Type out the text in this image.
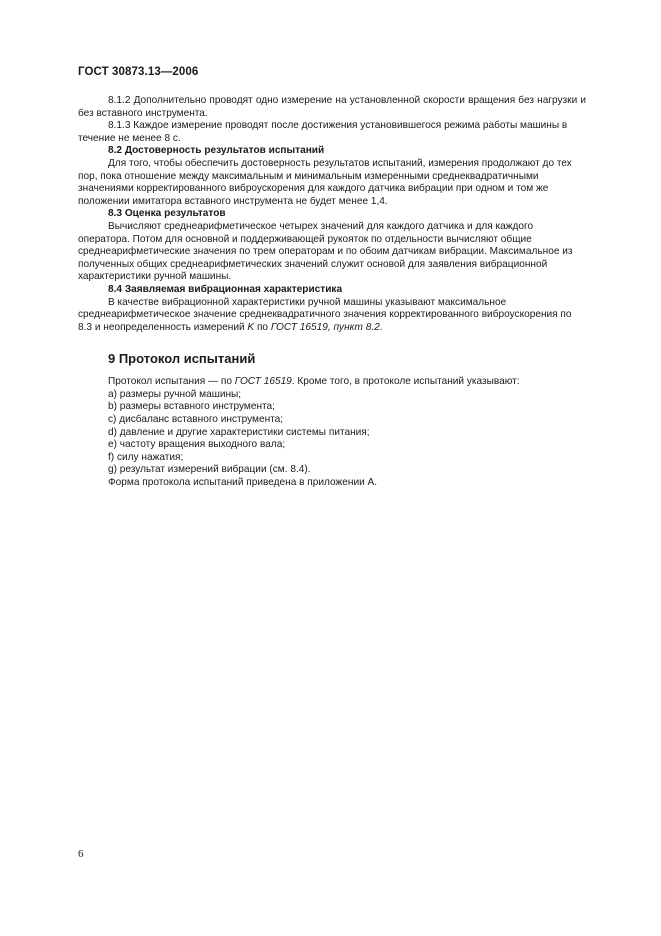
ГОСТ 30873.13—2006

8.1.2 Дополнительно проводят одно измерение на установленной скорости вращения без нагрузки и без вставного инструмента.

8.1.3 Каждое измерение проводят после достижения установившегося режима работы машины в течение не менее 8 с.

8.2 Достоверность результатов испытаний

Для того, чтобы обеспечить достоверность результатов испытаний, измерения продолжают до тех пор, пока отношение между максимальным и минимальным измеренными среднеквадратичными значениями корректированного виброускорения для каждого датчика вибрации при одном и том же положении имитатора вставного инструмента не будет менее 1,4.

8.3 Оценка результатов

Вычисляют среднеарифметическое четырех значений для каждого датчика и для каждого оператора. Потом для основной и поддерживающей рукояток по отдельности вычисляют общие среднеарифметические значения по трем операторам и по обоим датчикам вибрации. Максимальное из полученных общих среднеарифметических значений служит основой для заявления вибрационной характеристики ручной машины.

8.4 Заявляемая вибрационная характеристика

В качестве вибрационной характеристики ручной машины указывают максимальное среднеарифметическое значение среднеквадратичного значения корректированного виброускорения по 8.3 и неопределенность измерений K по ГОСТ 16519, пункт 8.2.

9 Протокол испытаний

Протокол испытания — по ГОСТ 16519. Кроме того, в протоколе испытаний указывают:

a) размеры ручной машины;

b) размеры вставного инструмента;

c) дисбаланс вставного инструмента;

d) давление и другие характеристики системы питания;

e) частоту вращения выходного вала;

f) силу нажатия;

g) результат измерений вибрации (см. 8.4).

Форма протокола испытаний приведена в приложении А.

6
